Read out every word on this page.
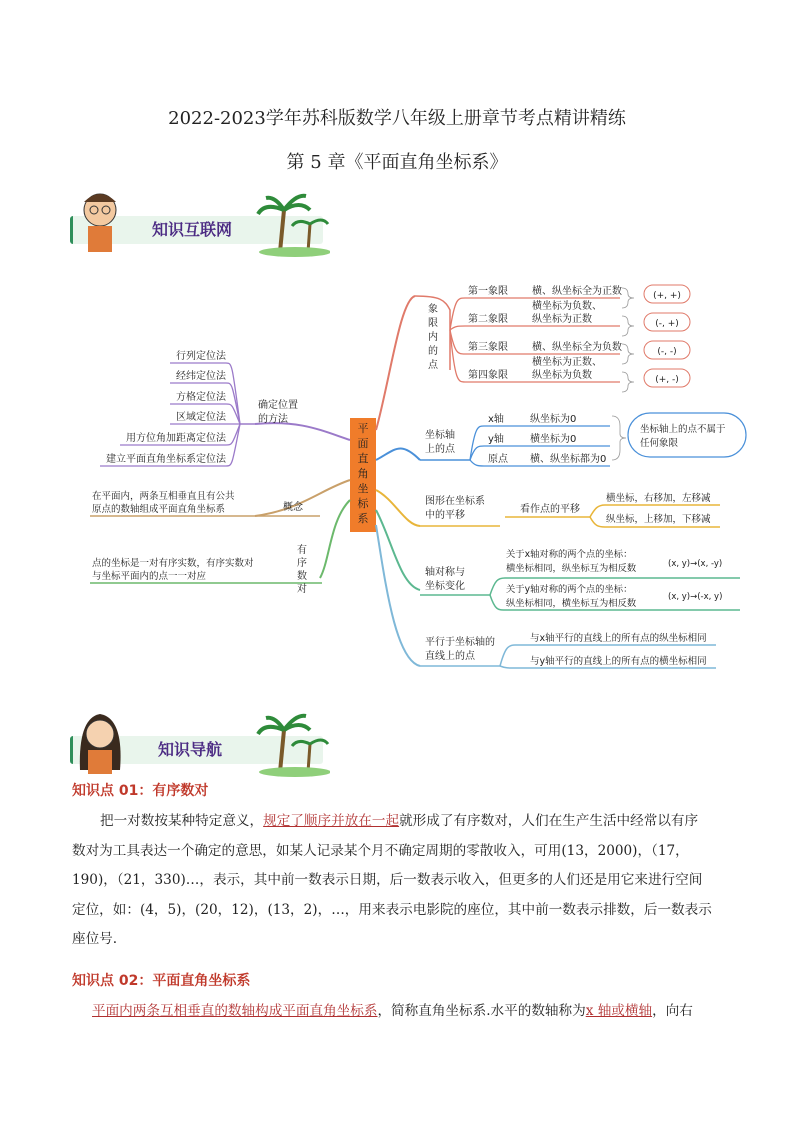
2022-2023学年苏科版数学八年级上册章节考点精讲精练
第 5 章《平面直角坐标系》
知识互联网
平面直角坐标系
确定位置
的方法
行列定位法
经纬定位法
方格定位法
区域定位法
用方位角加距离定位法
建立平面直角坐标系定位法
在平面内，两条互相垂直且有公共
原点的数轴组成平面直角坐标系	概念
点的坐标是一对有序实数，有序实数对
与坐标平面内的点一一对应
有序数对
象限内的点
第一象限 横、纵坐标全为正数	(+, +)
第二象限
横坐标为负数、
纵坐标为正数	(-, +)
第三象限 横、纵坐标全为负数	(-, -)
第四象限
横坐标为正数、
纵坐标为负数	(+, -)
坐标轴
上的点
坐标轴上的点不属于
任何象限
x轴	纵坐标为0
y轴	横坐标为0
原点 横、纵坐标都为0
图形在坐标系
中的平移
看作点的平移
横坐标，右移加，左移减
纵坐标，上移加，下移减
轴对称与
坐标变化
关于x轴对称的两个点的坐标：
横坐标相同，纵坐标互为相反数	(x, y)→(x, -y)
关于y轴对称的两个点的坐标：
纵坐标相同，横坐标互为相反数
(x, y)→(-x, y)
平行于坐标轴的
直线上的点
与x轴平行的直线上的所有点的纵坐标相同
与y轴平行的直线上的所有点的横坐标相同
知识导航
知识点 01：有序数对
把一对数按某种特定意义，规定了顺序并放在一起就形成了有序数对，人们在生产生活中经常以有序
数对为工具表达一个确定的意思，如某人记录某个月不确定周期的零散收入，可用(13，2000)，（17，
190)，（21，330)…，表示，其中前一数表示日期，后一数表示收入，但更多的人们还是用它来进行空间
定位，如：(4，5)，(20，12)，(13，2)，…，用来表示电影院的座位，其中前一数表示排数，后一数表示
座位号.
知识点 02：平面直角坐标系
平面内两条互相垂直的数轴构成平面直角坐标系，简称直角坐标系.水平的数轴称为x 轴或横轴，向右
